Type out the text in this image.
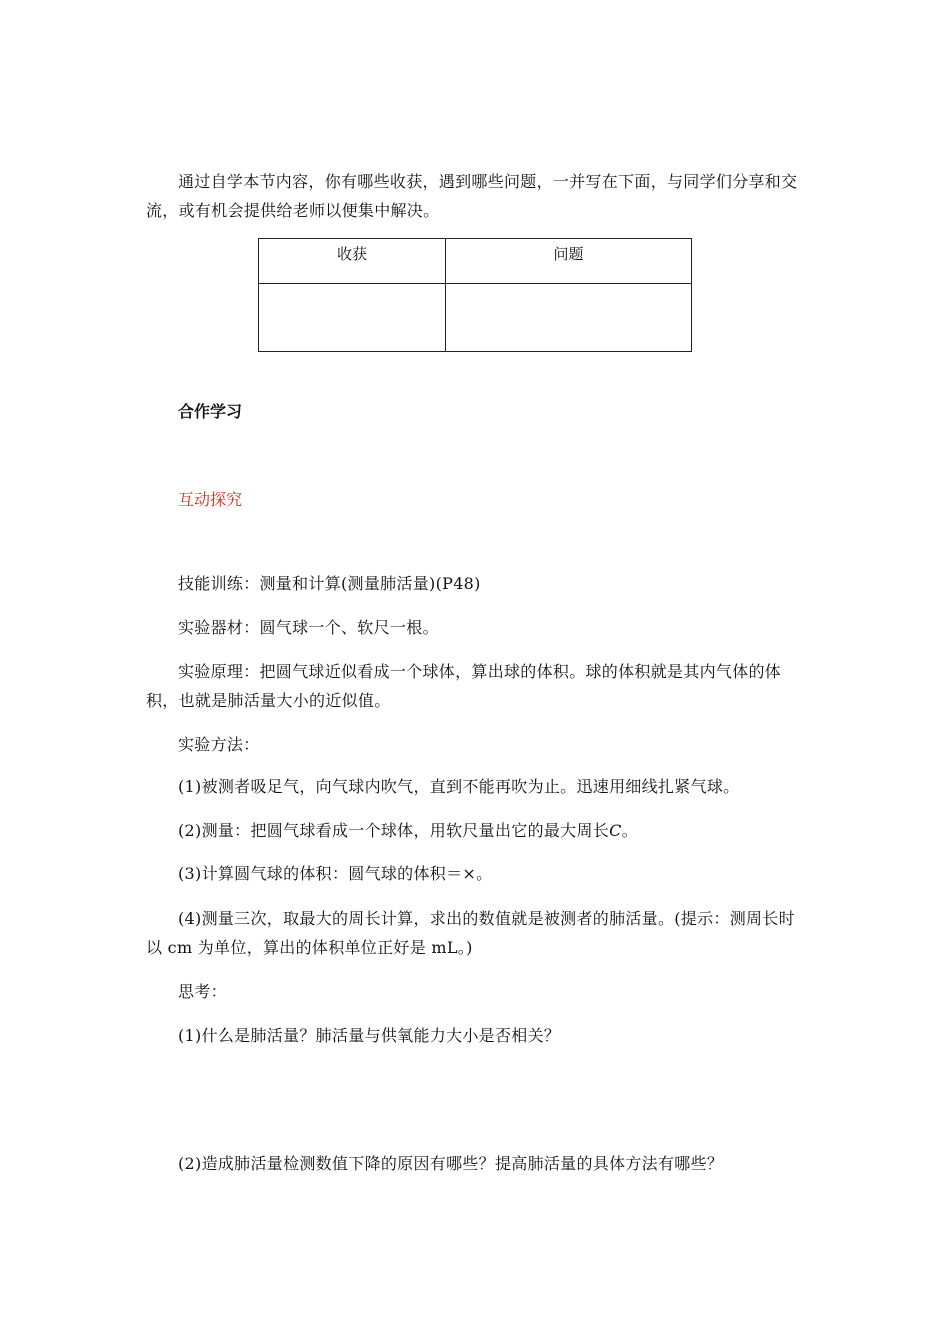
通过自学本节内容，你有哪些收获，遇到哪些问题，一并写在下面，与同学们分享和交流，或有机会提供给老师以便集中解决。

收获	问题

合作学习

互动探究

技能训练：测量和计算(测量肺活量)(P48)

实验器材：圆气球一个、软尺一根。

实验原理：把圆气球近似看成一个球体，算出球的体积。球的体积就是其内气体的体积，也就是肺活量大小的近似值。

实验方法：

(1)被测者吸足气，向气球内吹气，直到不能再吹为止。迅速用细线扎紧气球。

(2)测量：把圆气球看成一个球体，用软尺量出它的最大周长C。

(3)计算圆气球的体积：圆气球的体积＝×。

(4)测量三次，取最大的周长计算，求出的数值就是被测者的肺活量。(提示：测周长时以 cm 为单位，算出的体积单位正好是 mL。)

思考：

(1)什么是肺活量？肺活量与供氧能力大小是否相关？

(2)造成肺活量检测数值下降的原因有哪些？提高肺活量的具体方法有哪些？
